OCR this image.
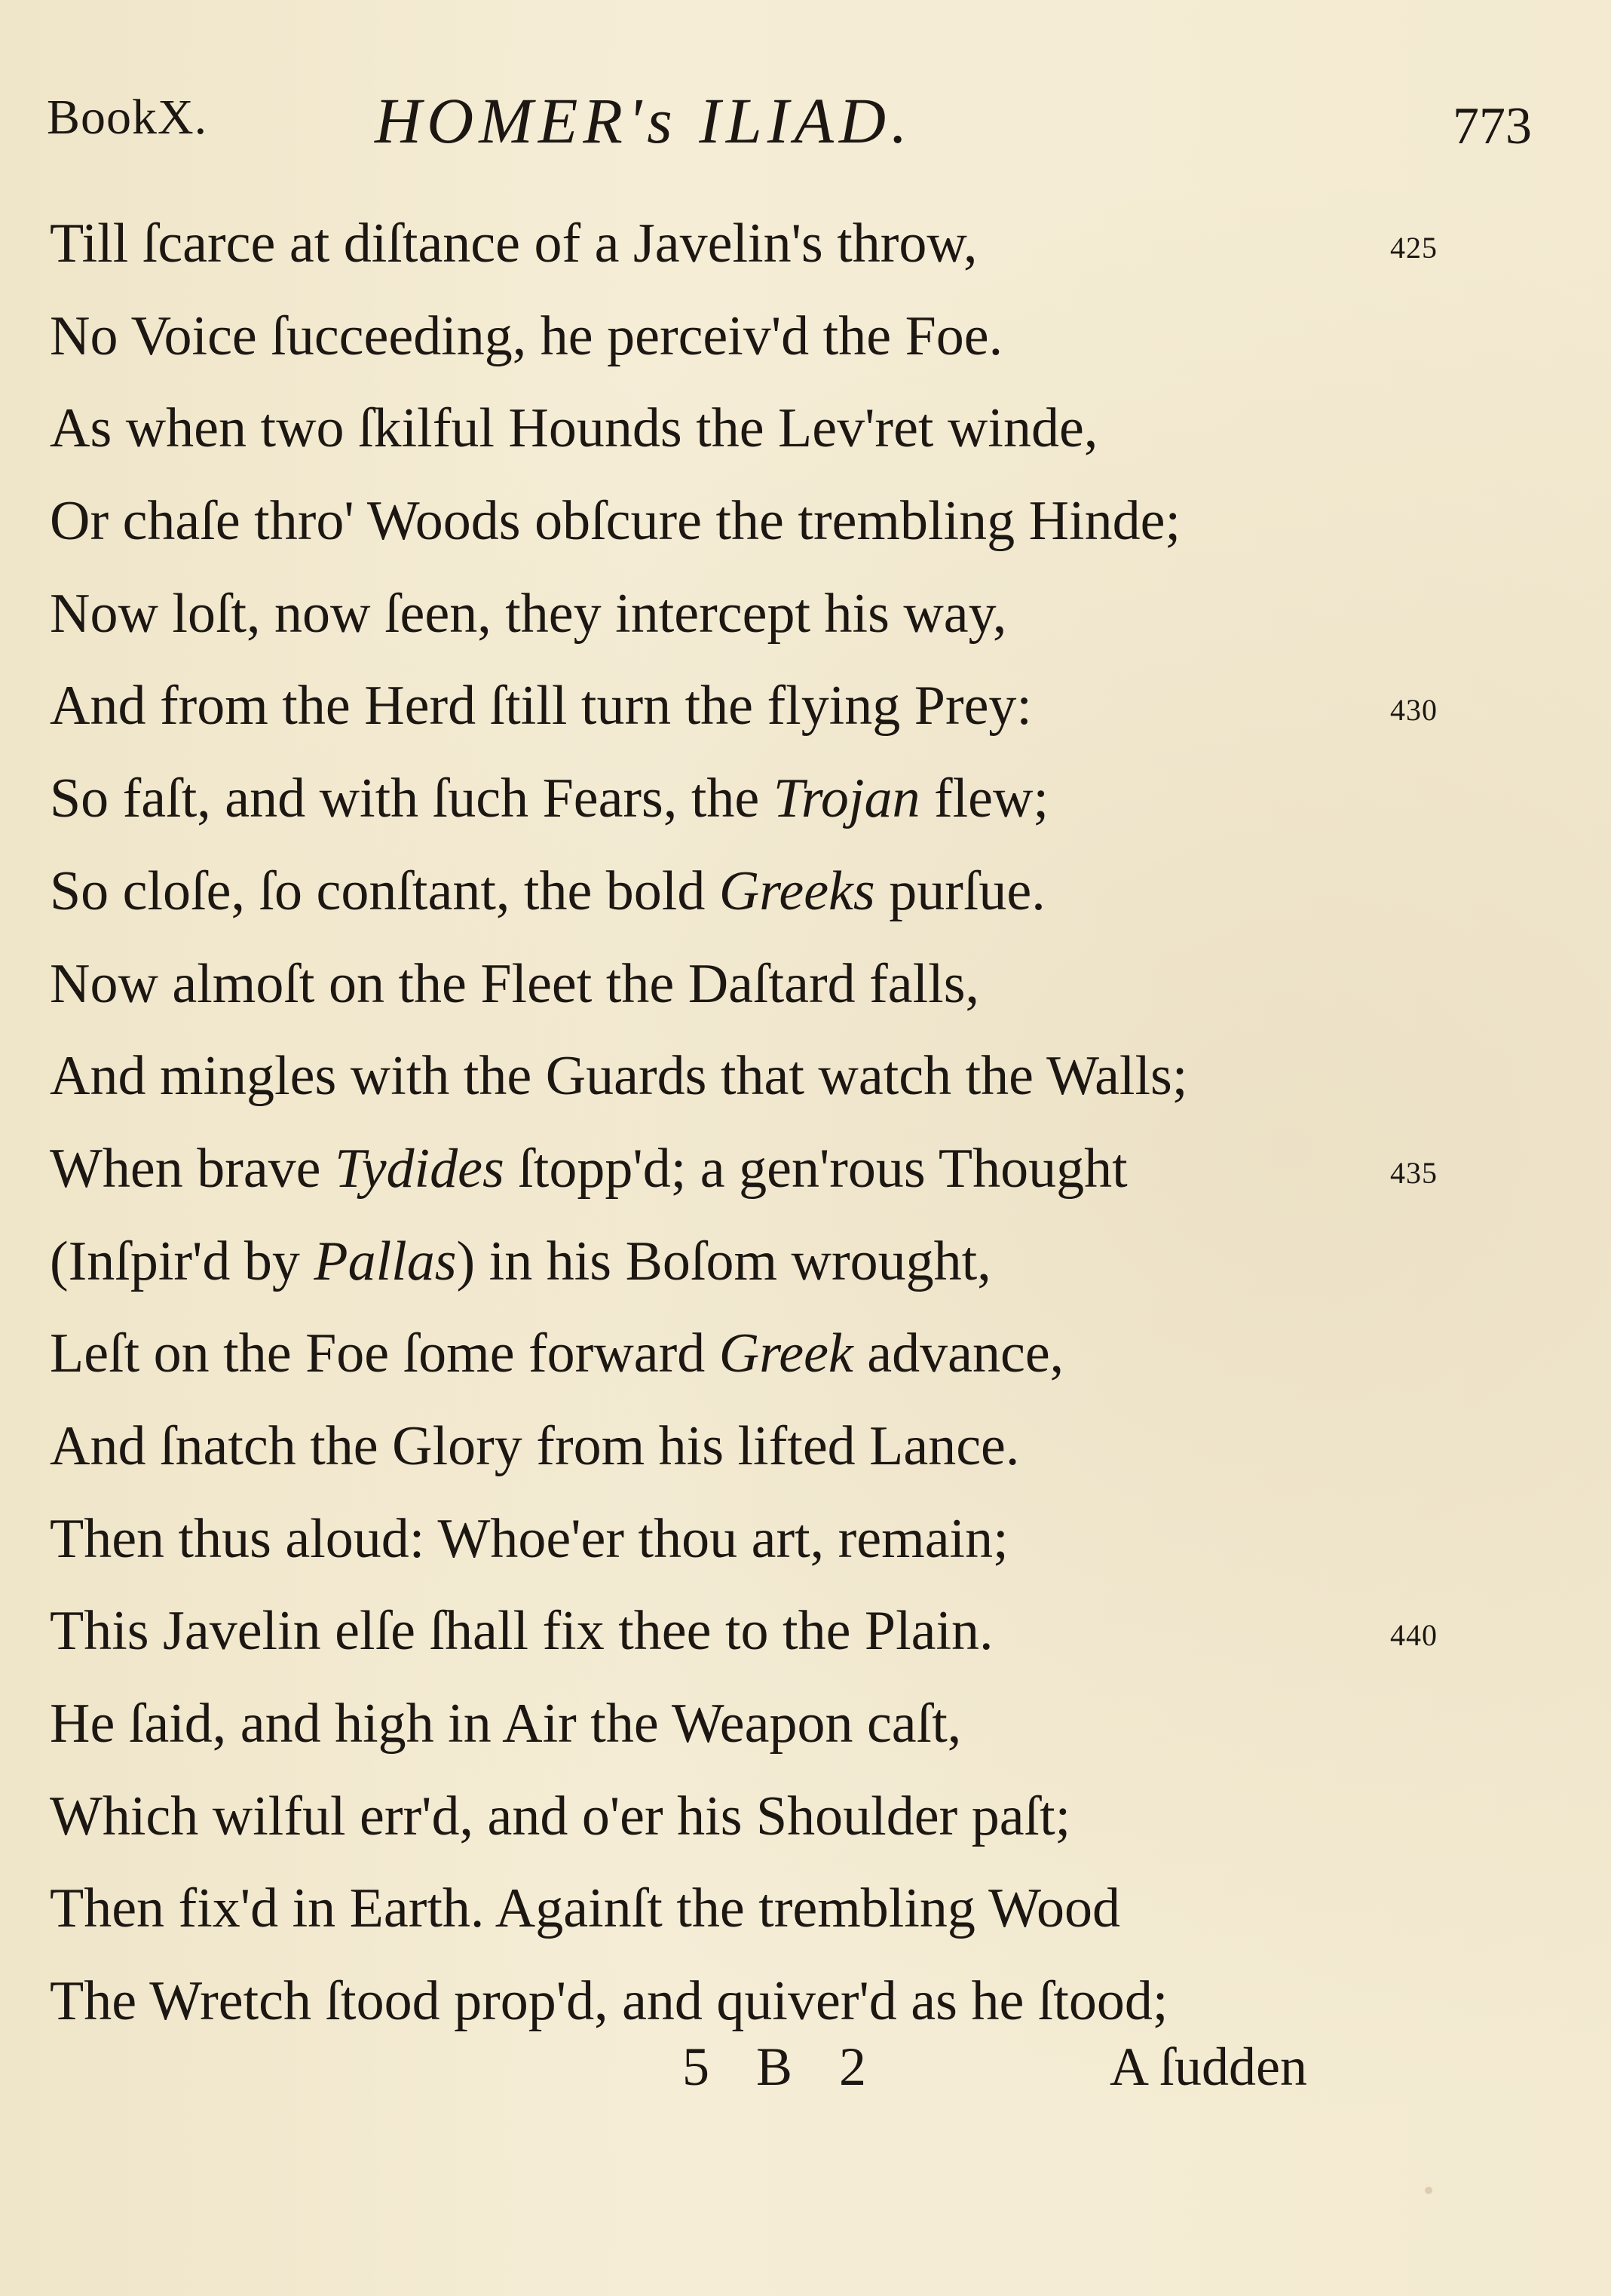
BookX.	HOMER's ILIAD.	773
Till ſcarce at diſtance of a Javelin's throw,	425
No Voice ſucceeding, he perceiv'd the Foe.
As when two ſkilful Hounds the Lev'ret winde,
Or chaſe thro' Woods obſcure the trembling Hinde;
Now loſt, now ſeen, they intercept his way,
And from the Herd ſtill turn the flying Prey:	430
So faſt, and with ſuch Fears, the Trojan flew;
So cloſe, ſo conſtant, the bold Greeks purſue.
Now almoſt on the Fleet the Daſtard falls,
And mingles with the Guards that watch the Walls;
When brave Tydides ſtopp'd; a gen'rous Thought	435
(Inſpir'd by Pallas) in his Boſom wrought,
Leſt on the Foe ſome forward Greek advance,
And ſnatch the Glory from his lifted Lance.
Then thus aloud: Whoe'er thou art, remain;
This Javelin elſe ſhall fix thee to the Plain.	440
He ſaid, and high in Air the Weapon caſt,
Which wilful err'd, and o'er his Shoulder paſt;
Then fix'd in Earth. Againſt the trembling Wood
The Wretch ſtood prop'd, and quiver'd as he ſtood;
5 B 2	A ſudden
